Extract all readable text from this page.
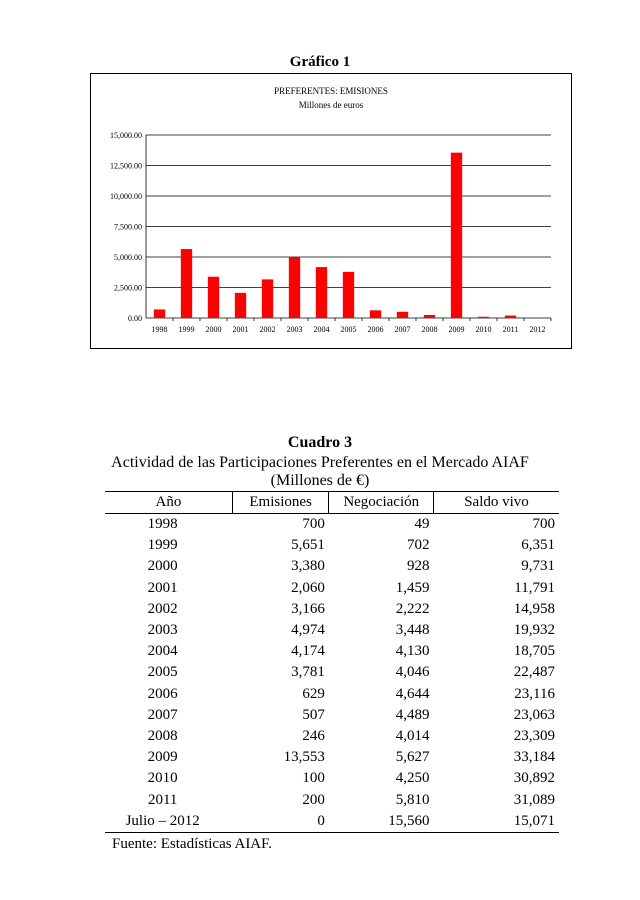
Gráfico 1
PREFERENTES: EMISIONES
Millones de euros
0.00
2,500.00
5,000.00
7,500.00
10,000.00
12,500.00
15,000.00
1998 1999 2000 2001 2002 2003 2004 2005 2006 2007 2008 2009 2010 2011 2012
Cuadro 3
Actividad de las Participaciones Preferentes en el Mercado AIAF
(Millones de €)
Año	Emisiones	Negociación	Saldo vivo
1998	700	49	700
1999	5,651	702	6,351
2000	3,380	928	9,731
2001	2,060	1,459	11,791
2002	3,166	2,222	14,958
2003	4,974	3,448	19,932
2004	4,174	4,130	18,705
2005	3,781	4,046	22,487
2006	629	4,644	23,116
2007	507	4,489	23,063
2008	246	4,014	23,309
2009	13,553	5,627	33,184
2010	100	4,250	30,892
2011	200	5,810	31,089
Julio – 2012	0	15,560	15,071
Fuente: Estadísticas AIAF.
